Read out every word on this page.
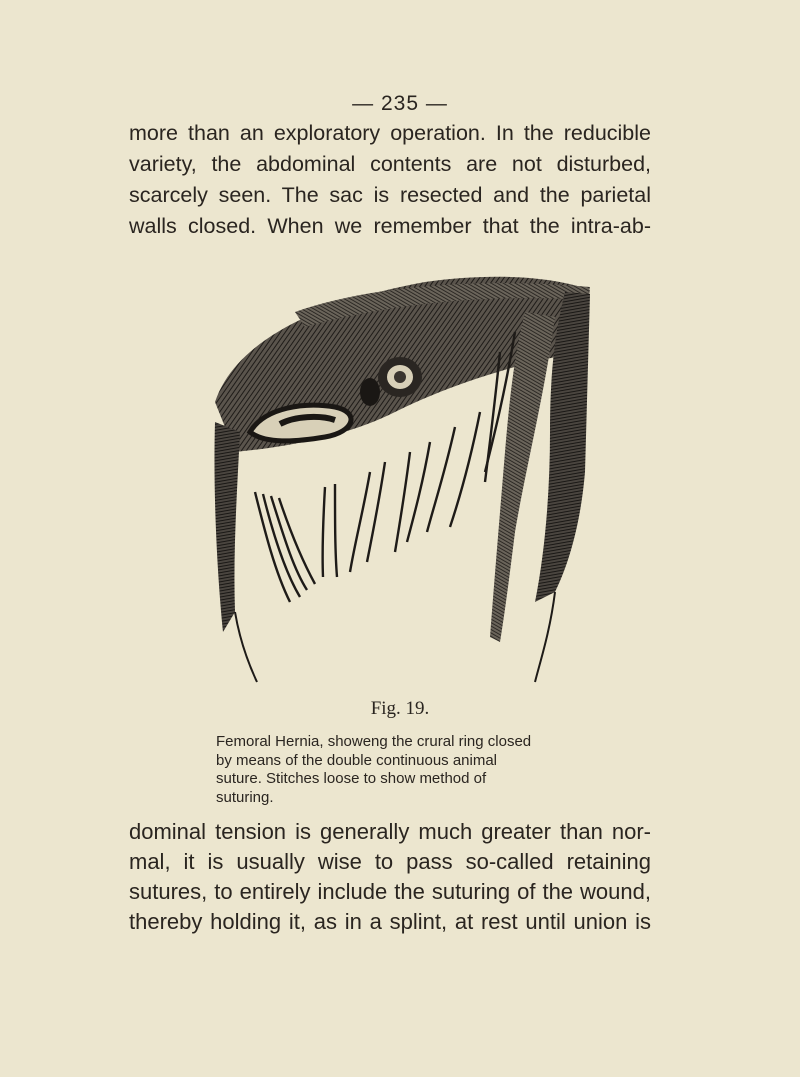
— 235 —
more than an exploratory operation. In the reducible
variety, the abdominal contents are not disturbed,
scarcely seen. The sac is resected and the parietal
walls closed. When we remember that the intra-ab-
Fig. 19.
Femoral Hernia, showeng the crural ring closed
by means of the double continuous animal
suture. Stitches loose to show method of
suturing.
dominal tension is generally much greater than nor-
mal, it is usually wise to pass so-called retaining
sutures, to entirely include the suturing of the wound,
thereby holding it, as in a splint, at rest until union is
